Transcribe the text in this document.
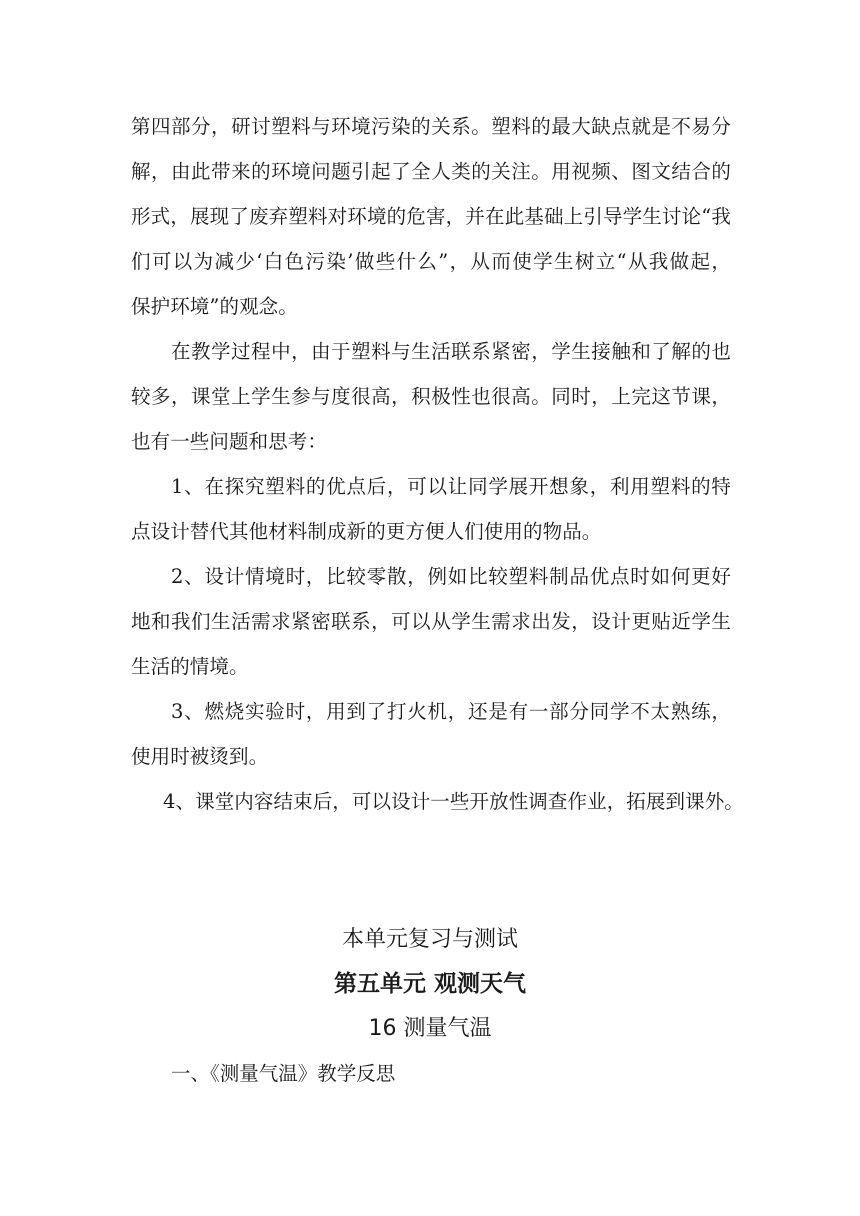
第四部分，研讨塑料与环境污染的关系。塑料的最大缺点就是不易分
解，由此带来的环境问题引起了全人类的关注。用视频、图文结合的
形式，展现了废弃塑料对环境的危害，并在此基础上引导学生讨论“我
们可以为减少‘白色污染’做些什么”，从而使学生树立“从我做起，
保护环境”的观念。
在教学过程中，由于塑料与生活联系紧密，学生接触和了解的也
较多，课堂上学生参与度很高，积极性也很高。同时，上完这节课，
也有一些问题和思考：
1、在探究塑料的优点后，可以让同学展开想象，利用塑料的特
点设计替代其他材料制成新的更方便人们使用的物品。
2、设计情境时，比较零散，例如比较塑料制品优点时如何更好
地和我们生活需求紧密联系，可以从学生需求出发，设计更贴近学生
生活的情境。
3、燃烧实验时，用到了打火机，还是有一部分同学不太熟练，
使用时被烫到。
4、课堂内容结束后，可以设计一些开放性调查作业，拓展到课外。
本单元复习与测试
第五单元 观测天气
16 测量气温
一、《测量气温》教学反思
